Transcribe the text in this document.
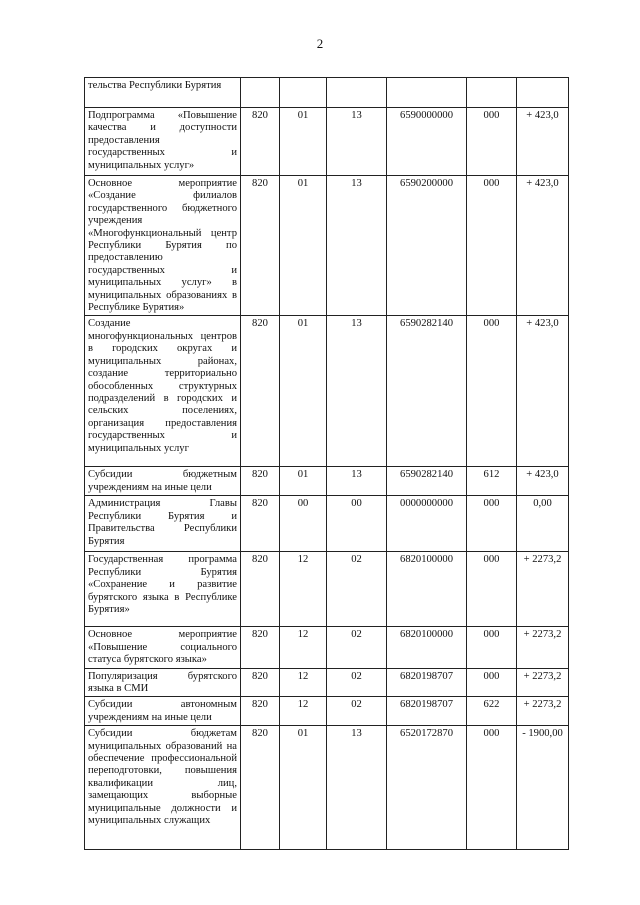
2
тельства Республики Бурятия						
Подпрограмма «Повышение качества и доступности предоставления государственных и муниципальных услуг»	820	01	13	6590000000	000	+ 423,0
Основное мероприятие «Создание филиалов государственного бюджетного учреждения «Многофункциональный центр Республики Бурятия по предоставлению государственных и муниципальных услуг» в муниципальных образованиях в Республике Бурятия»	820	01	13	6590200000	000	+ 423,0
Создание многофункциональных центров в городских округах и муниципальных районах, создание территориально обособленных структурных подразделений в городских и сельских поселениях, организация предоставления государственных и муниципальных услуг	820	01	13	6590282140	000	+ 423,0
Субсидии бюджетным учреждениям на иные цели	820	01	13	6590282140	612	+ 423,0
Администрация Главы Республики Бурятия и Правительства Республики Бурятия	820	00	00	0000000000	000	0,00
Государственная программа Республики Бурятия «Сохранение и развитие бурятского языка в Республике Бурятия»	820	12	02	6820100000	000	+ 2273,2
Основное мероприятие «Повышение социального статуса бурятского языка»	820	12	02	6820100000	000	+ 2273,2
Популяризация бурятского языка в СМИ	820	12	02	6820198707	000	+ 2273,2
Субсидии автономным учреждениям на иные цели	820	12	02	6820198707	622	+ 2273,2
Субсидии бюджетам муниципальных образований на обеспечение профессиональной переподготовки, повышения квалификации лиц, замещающих выборные муниципальные должности и муниципальных служащих	820	01	13	6520172870	000	- 1900,00
